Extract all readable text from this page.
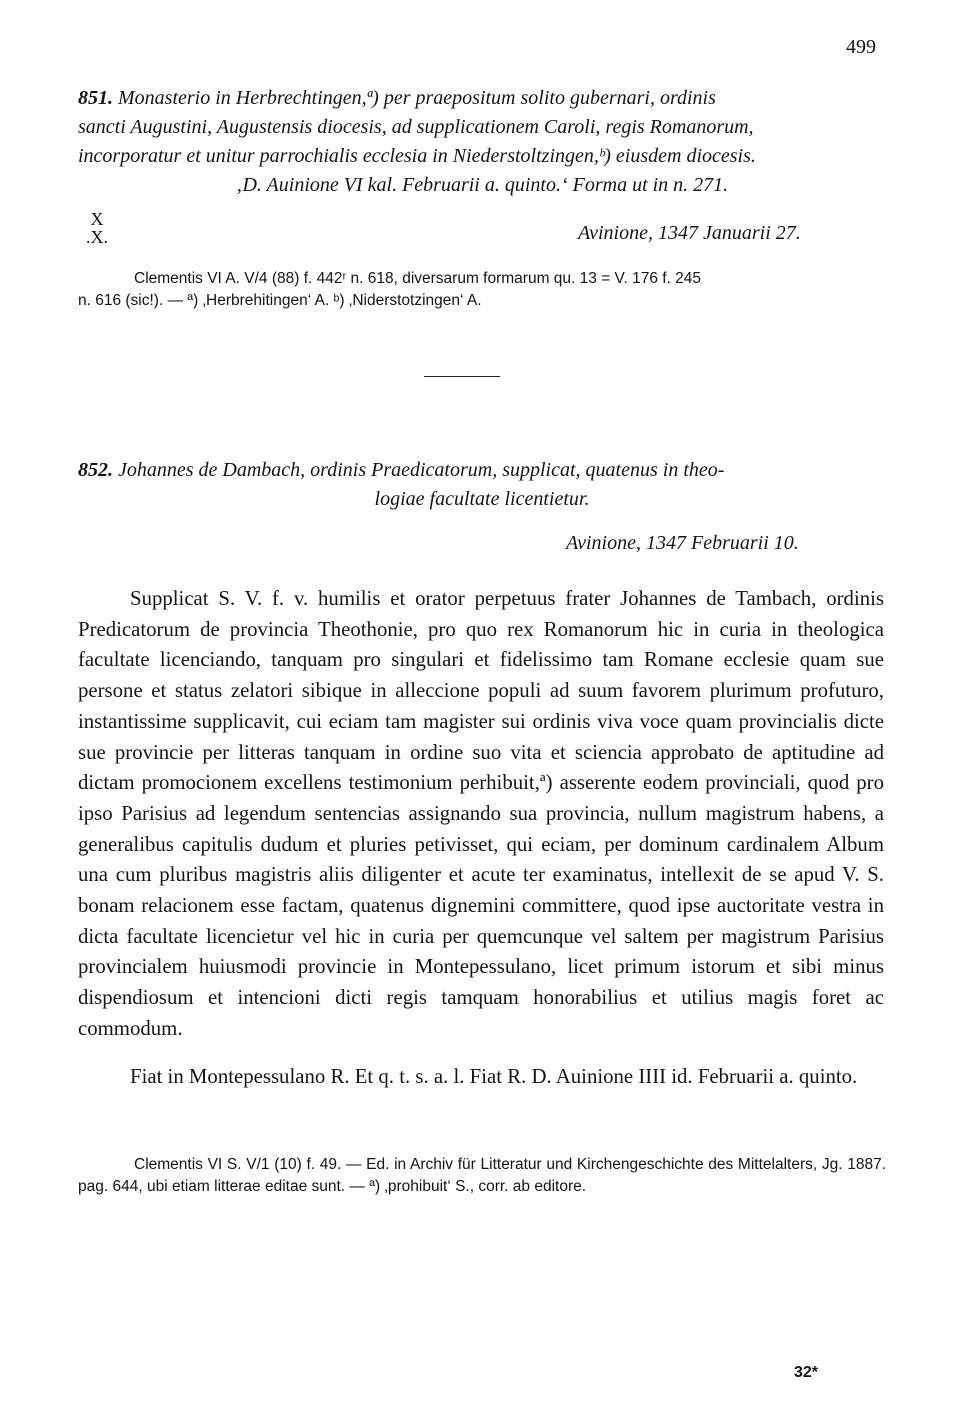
499

851. Monasterio in Herbrechtingen,ª) per praepositum solito gubernari, ordinis
sancti Augustini, Augustensis diocesis, ad supplicationem Caroli, regis Romanorum,
incorporatur et unitur parrochialis ecclesia in Niederstoltzingen,ᵇ) eiusdem diocesis.

‚D. Auinione VI kal. Februarii a. quinto.‘ Forma ut in n. 271.

X
.X.	Avinione, 1347 Januarii 27.

Clementis VI A. V/4 (88) f. 442ʳ n. 618, diversarum formarum qu. 13 = V. 176 f. 245
n. 616 (sic!). — ª) ‚Herbrehitingen‘ A. ᵇ) ‚Niderstotzingen‘ A.

852. Johannes de Dambach, ordinis Praedicatorum, supplicat, quatenus in theo-

logiae facultate licentietur.

Avinione, 1347 Februarii 10.

Supplicat S. V. f. v. humilis et orator perpetuus frater Johannes de Tambach, ordinis Predicatorum de provincia Theothonie, pro quo rex Romanorum hic in curia in theologica facultate licenciando, tanquam pro singulari et fidelissimo tam Romane ecclesie quam sue persone et status zelatori sibique in alleccione populi ad suum favorem plurimum profuturo, instantissime supplicavit, cui eciam tam magister sui ordinis viva voce quam provincialis dicte sue provincie per litteras tanquam in ordine suo vita et sciencia approbato de aptitudine ad dictam promocionem excellens testimonium perhibuit,ª) asserente eodem provinciali, quod pro ipso Parisius ad legendum sentencias assignando sua provincia, nullum magistrum habens, a generalibus capitulis dudum et pluries petivisset, qui eciam, per dominum cardinalem Album una cum pluribus magistris aliis diligenter et acute ter examinatus, intellexit de se apud V. S. bonam relacionem esse factam, quatenus dignemini committere, quod ipse auctoritate vestra in dicta facultate licencietur vel hic in curia per quemcunque vel saltem per magistrum Parisius provincialem huiusmodi provincie in Montepessulano, licet primum istorum et sibi minus dispendiosum et intencioni dicti regis tamquam honorabilius et utilius magis foret ac commodum.

Fiat in Montepessulano R. Et q. t. s. a. l. Fiat R. D. Auinione IIII id. Februarii a. quinto.

Clementis VI S. V/1 (10) f. 49. — Ed. in Archiv für Litteratur und Kirchengeschichte des Mittelalters, Jg. 1887. pag. 644, ubi etiam litterae editae sunt. — ª) ‚prohibuit‘ S., corr. ab editore.

32*
